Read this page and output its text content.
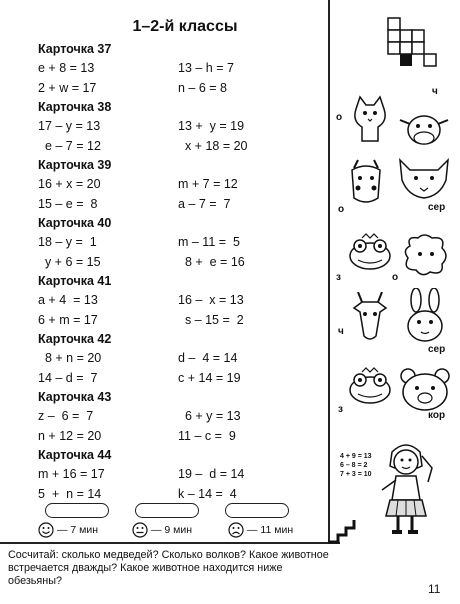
1–2-й классы
Карточка 37
e + 8 = 13	13 – h = 7
2 + w = 17	n – 6 = 8
Карточка 38
17 – y = 13	13 +  y = 19
e – 7 = 12	x + 18 = 20
Карточка 39
16 + x = 20	m + 7 = 12
15 – e =  8	a – 7 =  7
Карточка 40
18 – y =  1	m – 11 =  5
y + 6 = 15	8 +  e = 16
Карточка 41
a + 4  = 13	16 –  x = 13
6 + m = 17	s – 15 =  2
Карточка 42
8 + n = 20	d –  4 = 14
14 – d =  7	c + 14 = 19
Карточка 43
z –  6 =  7	6 + y = 13
n + 12 = 20	11 – c =  9
Карточка 44
m + 16 = 17	19 –  d = 14
5  +  n = 14	k – 14 =  4
— 7 мин	— 9 мин	— 11 мин
Сосчитай: сколько медведей? Сколько волков? Какое животное встречается дважды? Какое животное находится ниже обезьяны?
11
о
ч
о	сер
з	о
ч
сер
з
кор
4 + 9 = 13
6 – 8 = 2
7 + 3 = 10
